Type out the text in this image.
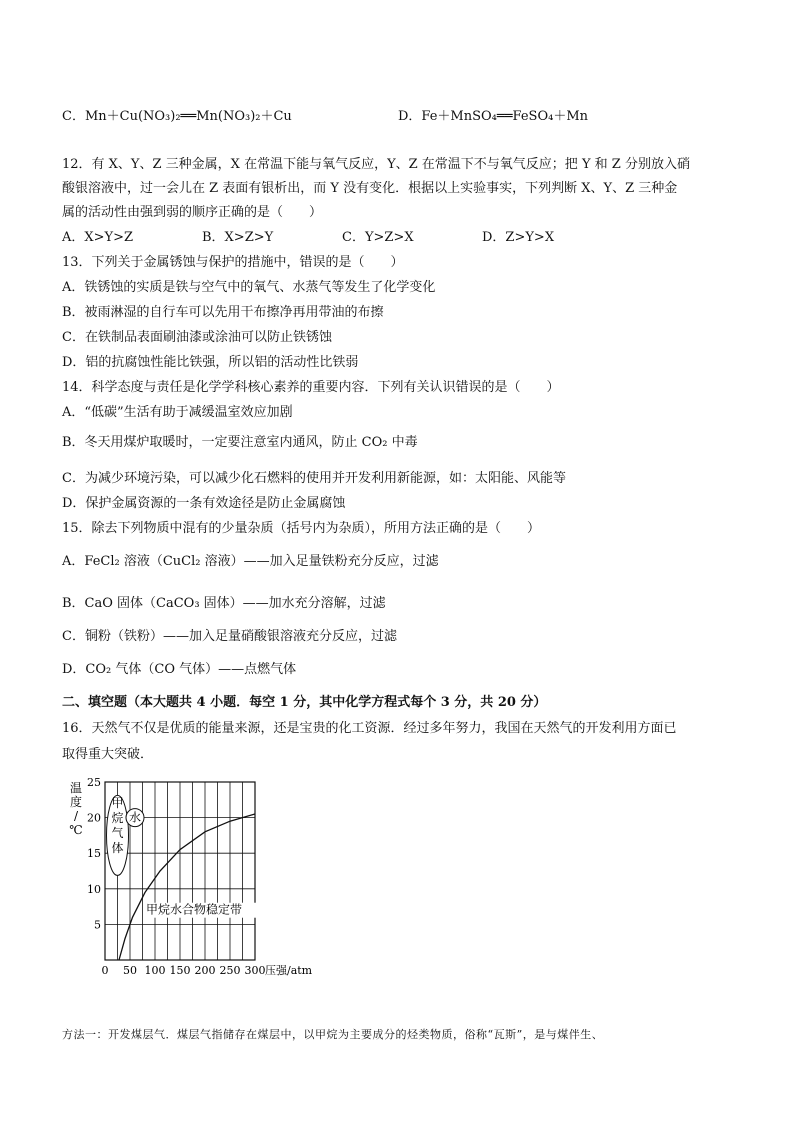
C．Mn＋Cu(NO₃)₂══Mn(NO₃)₂＋Cu	D．Fe＋MnSO₄══FeSO₄＋Mn
12．有 X、Y、Z 三种金属，X 在常温下能与氧气反应，Y、Z 在常温下不与氧气反应；把 Y 和 Z 分别放入硝
酸银溶液中，过一会儿在 Z 表面有银析出，而 Y 没有变化．根据以上实验事实，下列判断 X、Y、Z 三种金
属的活动性由强到弱的顺序正确的是（　　）
A．X>Y>Z	B．X>Z>Y	C．Y>Z>X	D．Z>Y>X
13．下列关于金属锈蚀与保护的措施中，错误的是（　　）
A．铁锈蚀的实质是铁与空气中的氧气、水蒸气等发生了化学变化
B．被雨淋湿的自行车可以先用干布擦净再用带油的布擦
C．在铁制品表面刷油漆或涂油可以防止铁锈蚀
D．铝的抗腐蚀性能比铁强，所以铝的活动性比铁弱
14．科学态度与责任是化学学科核心素养的重要内容．下列有关认识错误的是（　　）
A．“低碳”生活有助于减缓温室效应加剧
B．冬天用煤炉取暖时，一定要注意室内通风，防止 CO₂ 中毒
C．为减少环境污染，可以减少化石燃料的使用并开发利用新能源，如：太阳能、风能等
D．保护金属资源的一条有效途径是防止金属腐蚀
15．除去下列物质中混有的少量杂质（括号内为杂质），所用方法正确的是（　　）
A．FeCl₂ 溶液（CuCl₂ 溶液）——加入足量铁粉充分反应，过滤
B．CaO 固体（CaCO₃ 固体）——加水充分溶解，过滤
C．铜粉（铁粉）——加入足量硝酸银溶液充分反应，过滤
D．CO₂ 气体（CO 气体）——点燃气体
二、填空题（本大题共 4 小题．每空 1 分，其中化学方程式每个 3 分，共 20 分）
16．天然气不仅是优质的能量来源，还是宝贵的化工资源．经过多年努力，我国在天然气的开发利用方面已
取得重大突破．
0 50 100 150 200 250 300
5
10
15
20
25
压强/atm
温度/ ℃
甲烷气体
水
甲烷水合物稳定带
方法一：开发煤层气．煤层气指储存在煤层中，以甲烷为主要成分的烃类物质，俗称“瓦斯”，是与煤伴生、
